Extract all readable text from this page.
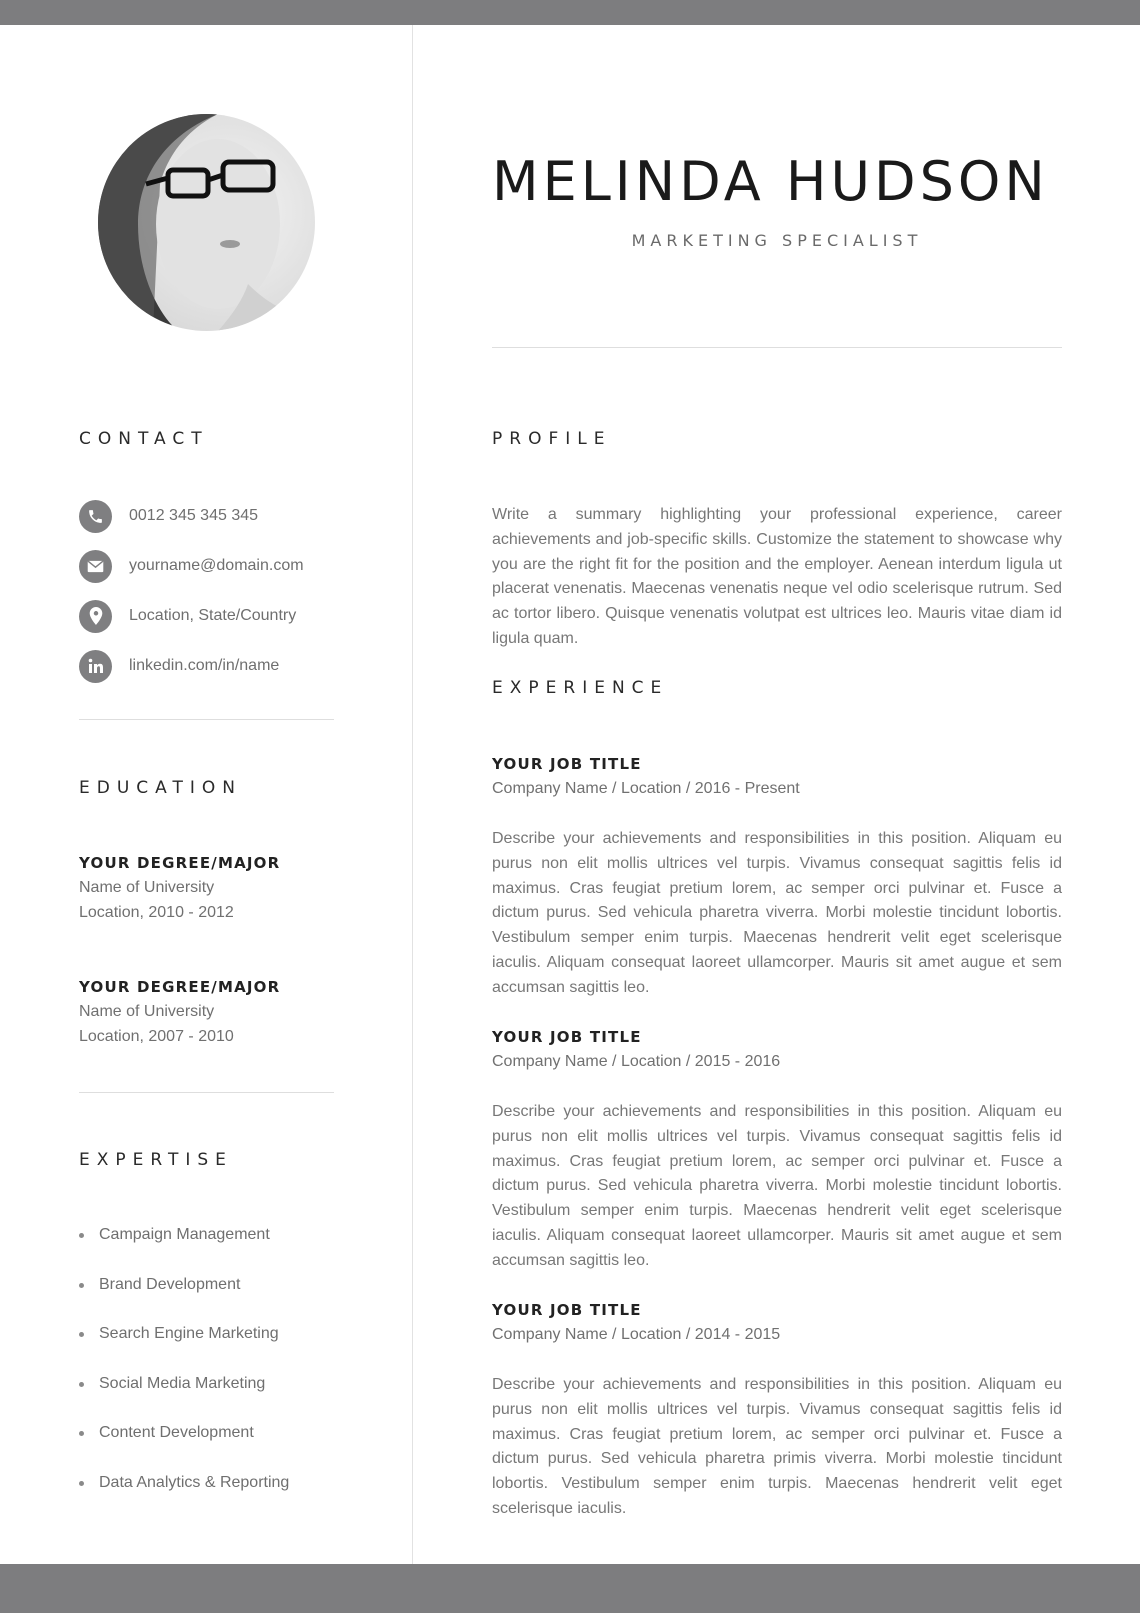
CONTACT
0012 345 345 345
yourname@domain.com
Location, State/Country
linkedin.com/in/name
EDUCATION
YOUR DEGREE/MAJOR
Name of University
Location, 2010 - 2012
YOUR DEGREE/MAJOR
Name of University
Location, 2007 - 2010
EXPERTISE
Campaign Management
Brand Development
Search Engine Marketing
Social Media Marketing
Content Development
Data Analytics & Reporting
MELINDA HUDSON
MARKETING SPECIALIST
PROFILE

Write a summary highlighting your professional experience, career achievements and job-specific skills. Customize the statement to showcase why you are the right fit for the position and the employer. Aenean interdum ligula ut placerat venenatis. Maecenas venenatis neque vel odio scelerisque rutrum. Sed ac tortor libero. Quisque venenatis volutpat est ultrices leo. Mauris vitae diam id ligula quam.

EXPERIENCE
YOUR JOB TITLE
Company Name / Location / 2016 - Present

Describe your achievements and responsibilities in this position. Aliquam eu purus non elit mollis ultrices vel turpis. Vivamus consequat sagittis felis id maximus. Cras feugiat pretium lorem, ac semper orci pulvinar et. Fusce a dictum purus. Sed vehicula pharetra viverra. Morbi molestie tincidunt lobortis. Vestibulum semper enim turpis. Maecenas hendrerit velit eget scelerisque iaculis. Aliquam consequat laoreet ullamcorper. Mauris sit amet augue et sem accumsan sagittis leo.

YOUR JOB TITLE
Company Name / Location / 2015 - 2016

Describe your achievements and responsibilities in this position. Aliquam eu purus non elit mollis ultrices vel turpis. Vivamus consequat sagittis felis id maximus. Cras feugiat pretium lorem, ac semper orci pulvinar et. Fusce a dictum purus. Sed vehicula pharetra viverra. Morbi molestie tincidunt lobortis. Vestibulum semper enim turpis. Maecenas hendrerit velit eget scelerisque iaculis. Aliquam consequat laoreet ullamcorper. Mauris sit amet augue et sem accumsan sagittis leo.

YOUR JOB TITLE
Company Name / Location / 2014 - 2015

Describe your achievements and responsibilities in this position. Aliquam eu purus non elit mollis ultrices vel turpis. Vivamus consequat sagittis felis id maximus. Cras feugiat pretium lorem, ac semper orci pulvinar et. Fusce a dictum purus. Sed vehicula pharetra primis viverra. Morbi molestie tincidunt lobortis. Vestibulum semper enim turpis. Maecenas hendrerit velit eget scelerisque iaculis.
